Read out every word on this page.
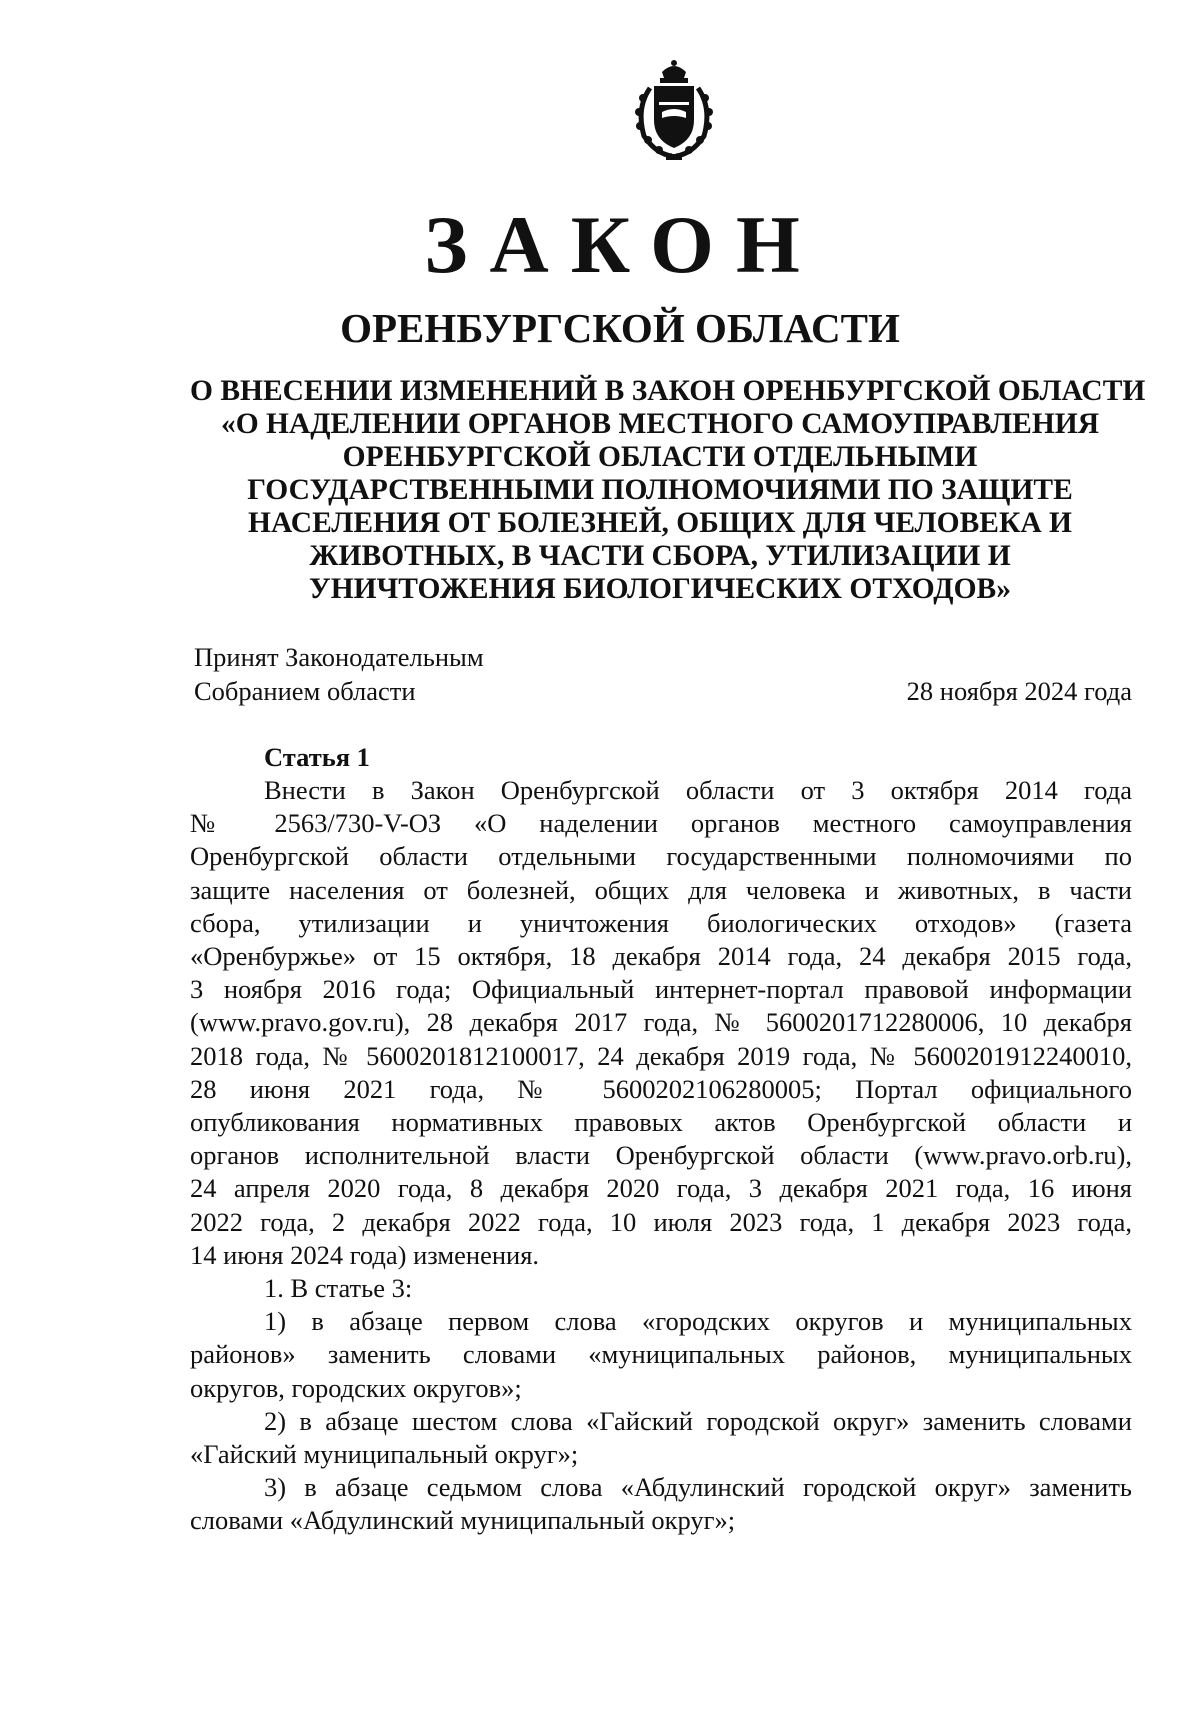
ЗАКОН
ОРЕНБУРГСКОЙ ОБЛАСТИ
О ВНЕСЕНИИ ИЗМЕНЕНИЙ В ЗАКОН ОРЕНБУРГСКОЙ ОБЛАСТИ
«О НАДЕЛЕНИИ ОРГАНОВ МЕСТНОГО САМОУПРАВЛЕНИЯ
ОРЕНБУРГСКОЙ ОБЛАСТИ ОТДЕЛЬНЫМИ
ГОСУДАРСТВЕННЫМИ ПОЛНОМОЧИЯМИ ПО ЗАЩИТЕ
НАСЕЛЕНИЯ ОТ БОЛЕЗНЕЙ, ОБЩИХ ДЛЯ ЧЕЛОВЕКА И
ЖИВОТНЫХ, В ЧАСТИ СБОРА, УТИЛИЗАЦИИ И
УНИЧТОЖЕНИЯ БИОЛОГИЧЕСКИХ ОТХОДОВ»
Принят Законодательным
Собранием области	28 ноября 2024 года
Статья 1
Внести в Закон Оренбургской области от 3 октября 2014 года
№ 2563/730-V-ОЗ «О наделении органов местного самоуправления
Оренбургской области отдельными государственными полномочиями по
защите населения от болезней, общих для человека и животных, в части
сбора, утилизации и уничтожения биологических отходов» (газета
«Оренбуржье» от 15 октября, 18 декабря 2014 года, 24 декабря 2015 года,
3 ноября 2016 года; Официальный интернет-портал правовой информации
(www.pravo.gov.ru), 28 декабря 2017 года, № 5600201712280006, 10 декабря
2018 года, № 5600201812100017, 24 декабря 2019 года, № 5600201912240010,
28 июня 2021 года, № 5600202106280005; Портал официального
опубликования нормативных правовых актов Оренбургской области и
органов исполнительной власти Оренбургской области (www.pravo.orb.ru),
24 апреля 2020 года, 8 декабря 2020 года, 3 декабря 2021 года, 16 июня
2022 года, 2 декабря 2022 года, 10 июля 2023 года, 1 декабря 2023 года,
14 июня 2024 года) изменения.
1. В статье 3:
1) в абзаце первом слова «городских округов и муниципальных
районов» заменить словами «муниципальных районов, муниципальных
округов, городских округов»;
2) в абзаце шестом слова «Гайский городской округ» заменить словами
«Гайский муниципальный округ»;
3) в абзаце седьмом слова «Абдулинский городской округ» заменить
словами «Абдулинский муниципальный округ»;
